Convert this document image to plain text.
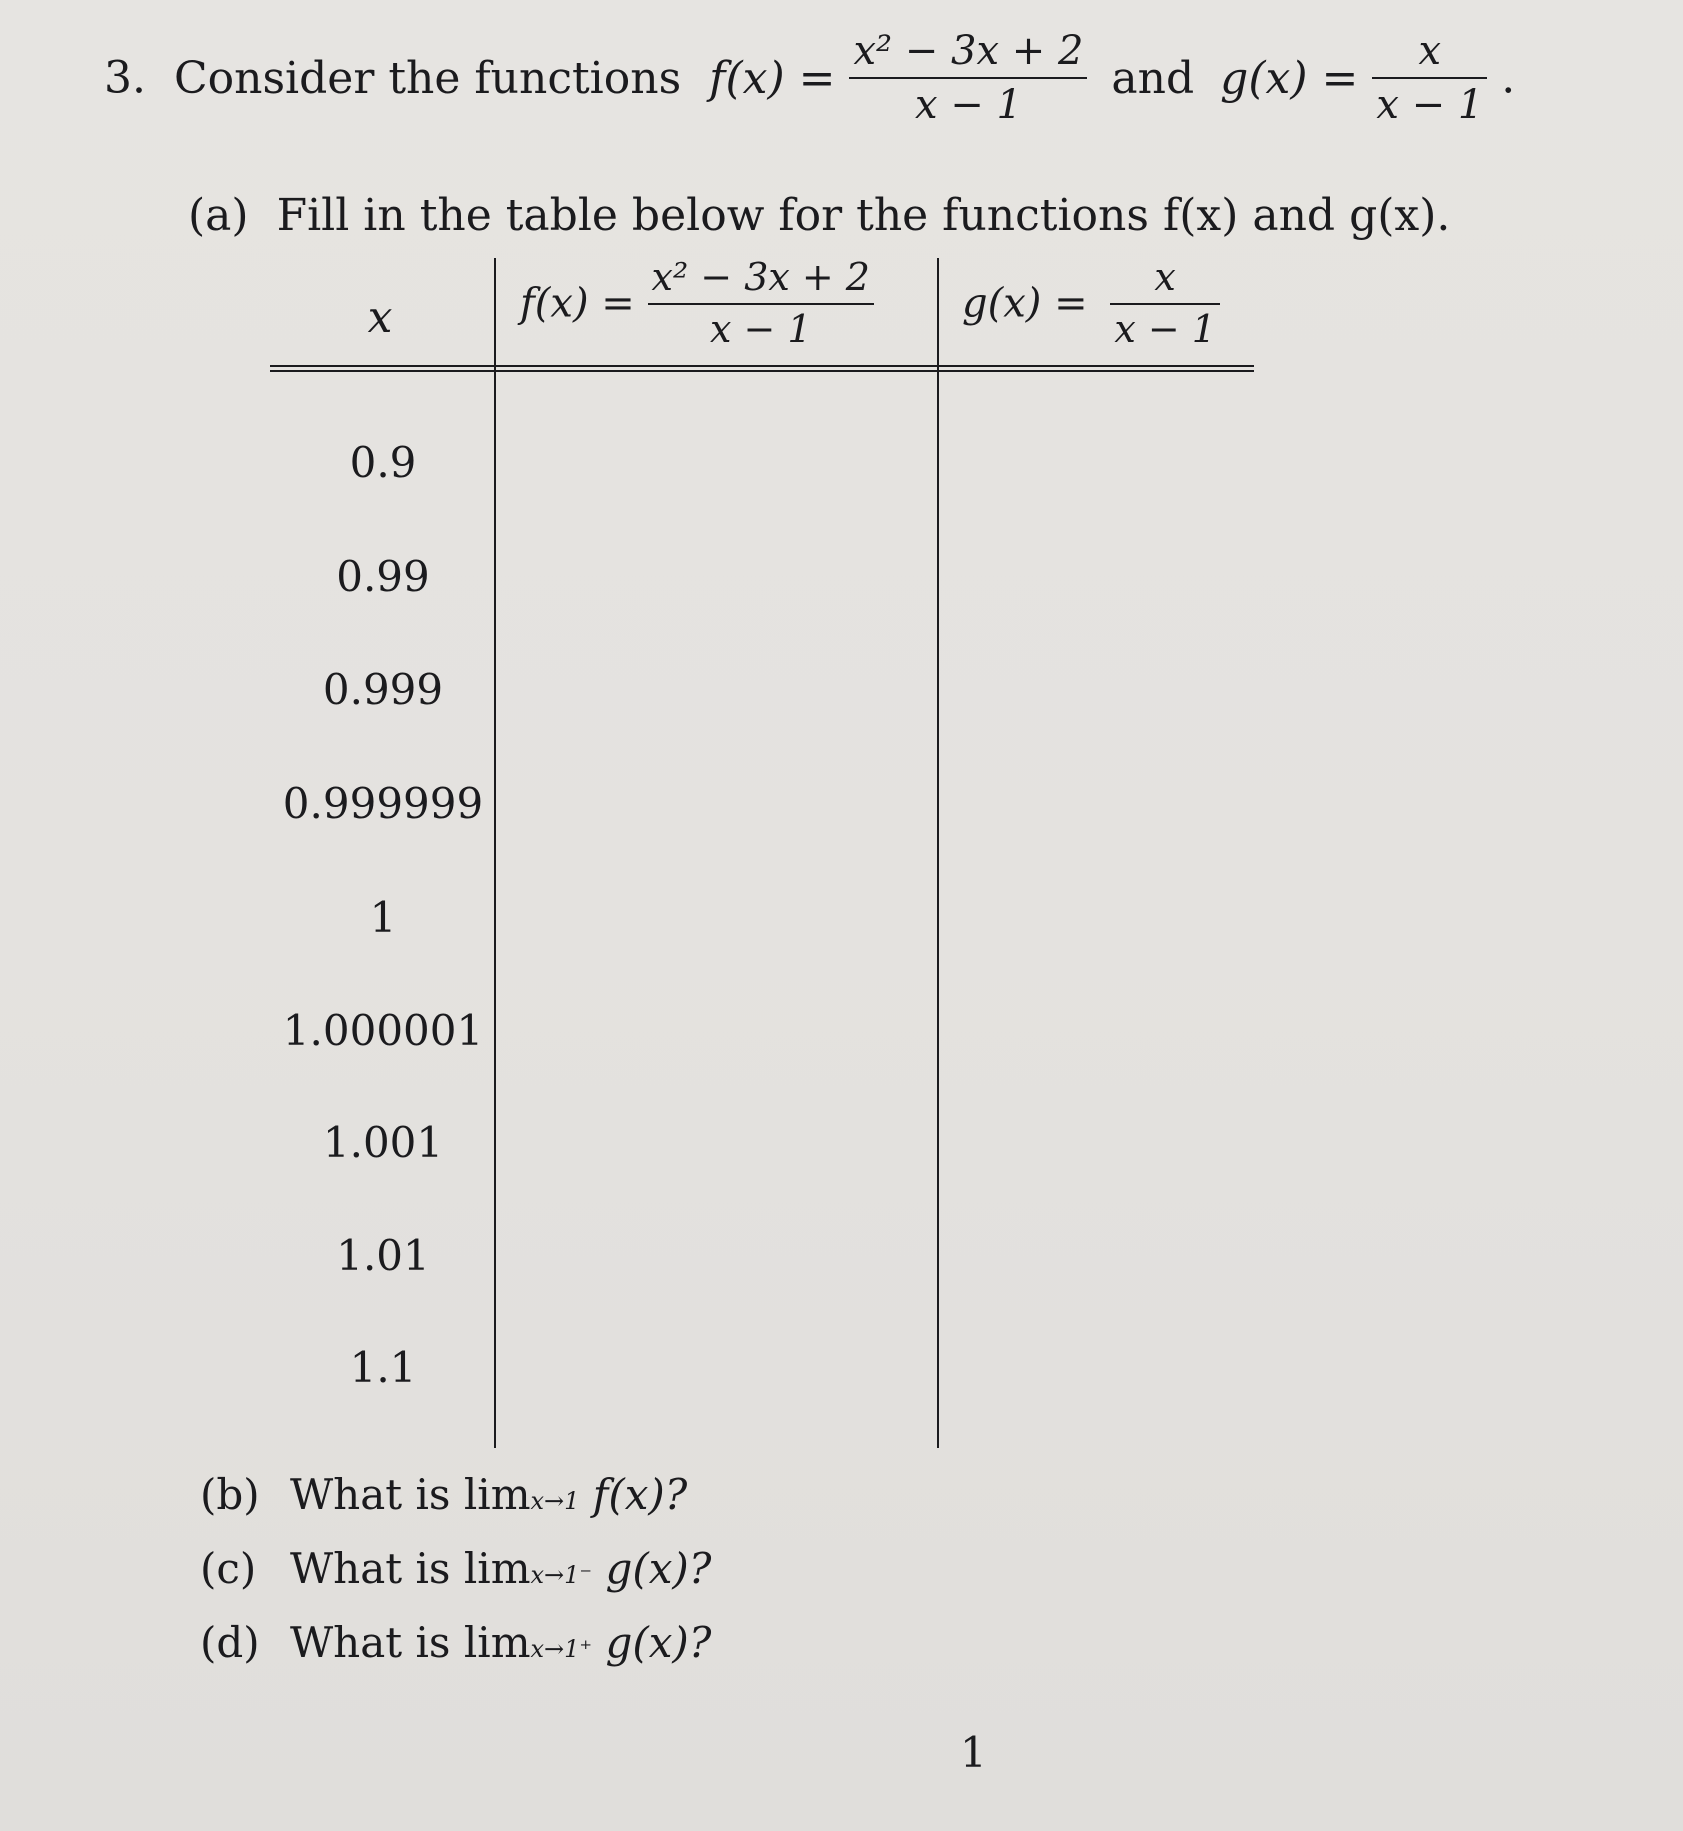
3. Consider the functions $f(x) = \frac{\text{x² − 3x + 2}}{x - 1}$ and $g(x) = \frac{x}{x - 1}$ .
(a) Fill in the table below for the functions f(x) and g(x).
x	$f(x) = \frac{\text{x² − 3x + 2}}{x - 1} g(x) = \frac{x}{x - 1}$
0.9
0.99
0.999
0.999999
1
1.000001
1.001
1.01
1.1
(b) What is limx→1 f(x)?
(c) What is limx→1⁻ g(x)?
(d) What is limx→1⁺ g(x)?
1
